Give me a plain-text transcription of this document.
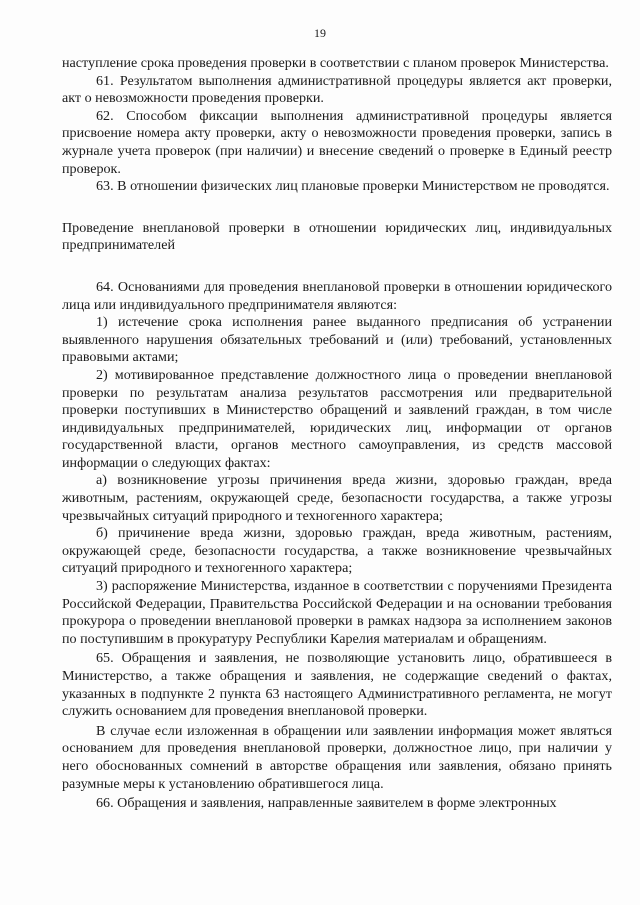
19

наступление срока проведения проверки в соответствии с планом проверок Министерства.

61. Результатом выполнения административной процедуры является акт проверки, акт о невозможности проведения проверки.

62. Способом фиксации выполнения административной процедуры является присвоение номера акту проверки, акту о невозможности проведения проверки, запись в журнале учета проверок (при наличии) и внесение сведений о проверке в Единый реестр проверок.

63. В отношении физических лиц плановые проверки Министерством не проводятся.

Проведение внеплановой проверки в отношении юридических лиц, индивидуальных предпринимателей

64. Основаниями для проведения внеплановой проверки в отношении юридического лица или индивидуального предпринимателя являются:

1) истечение срока исполнения ранее выданного предписания об устранении выявленного нарушения обязательных требований и (или) требований, установленных правовыми актами;

2) мотивированное представление должностного лица о проведении внеплановой проверки по результатам анализа результатов рассмотрения или предварительной проверки поступивших в Министерство обращений и заявлений граждан, в том числе индивидуальных предпринимателей, юридических лиц, информации от органов государственной власти, органов местного самоуправления, из средств массовой информации о следующих фактах:

а) возникновение угрозы причинения вреда жизни, здоровью граждан, вреда животным, растениям, окружающей среде, безопасности государства, а также угрозы чрезвычайных ситуаций природного и техногенного характера;

б) причинение вреда жизни, здоровью граждан, вреда животным, растениям, окружающей среде, безопасности государства, а также возникновение чрезвычайных ситуаций природного и техногенного характера;

3) распоряжение Министерства, изданное в соответствии с поручениями Президента Российской Федерации, Правительства Российской Федерации и на основании требования прокурора о проведении внеплановой проверки в рамках надзора за исполнением законов по поступившим в прокуратуру Республики Карелия материалам и обращениям.

65. Обращения и заявления, не позволяющие установить лицо, обратившееся в Министерство, а также обращения и заявления, не содержащие сведений о фактах, указанных в подпункте 2 пункта 63 настоящего Административного регламента, не могут служить основанием для проведения внеплановой проверки.

В случае если изложенная в обращении или заявлении информация может являться основанием для проведения внеплановой проверки, должностное лицо, при наличии у него обоснованных сомнений в авторстве обращения или заявления, обязано принять разумные меры к установлению обратившегося лица.

66. Обращения и заявления, направленные заявителем в форме электронных
